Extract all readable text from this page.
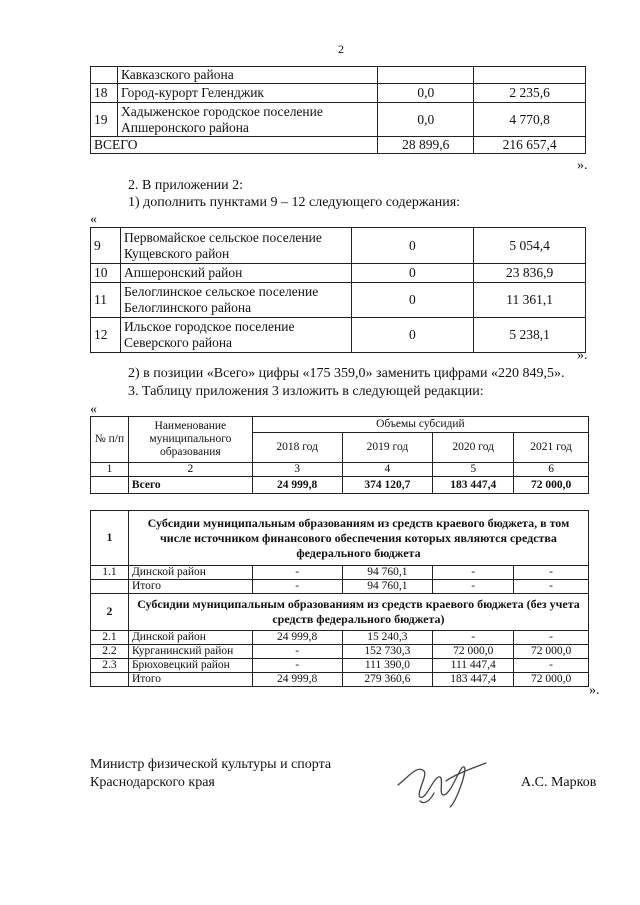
2
	Кавказского района		
18	Город-курорт Геленджик	0,0	2 235,6
19	Хадыженское городское поселение Апшеронского района	0,0	4 770,8
ВСЕГО		28 899,6	216 657,4
».
2. В приложении 2:
1) дополнить пунктами 9 – 12 следующего содержания:
«
9	Первомайское сельское поселение Кущевского район	0	5 054,4
10	Апшеронский район	0	23 836,9
11	Белоглинское сельское поселение Белоглинского района	0	11 361,1
12	Ильское городское поселение Северского района	0	5 238,1
».
2) в позиции «Всего» цифры «175 359,0» заменить цифрами «220 849,5».
3. Таблицу приложения 3 изложить в следующей редакции:
«
№ п/п	Наименование муниципального образования	Объемы субсидий			
		2018 год	2019 год	2020 год	2021 год
1	2	3	4	5	6
	Всего	24 999,8	374 120,7	183 447,4	72 000,0
1	Субсидии муниципальным образованиям из средств краевого бюджета, в том числе источником финансового обеспечения которых являются средства федерального бюджета				
1.1	Динской район	-	94 760,1	-	-
	Итого	-	94 760,1	-	-
2	Субсидии муниципальным образованиям из средств краевого бюджета (без учета средств федерального бюджета)				
2.1	Динской район	24 999,8	15 240,3	-	-
2.2	Курганинский район	-	152 730,3	72 000,0	72 000,0
2.3	Брюховецкий район	-	111 390,0	111 447,4	-
	Итого	24 999,8	279 360,6	183 447,4	72 000,0
».
Министр физической культуры и спорта
Краснодарского края	А.С. Марков
